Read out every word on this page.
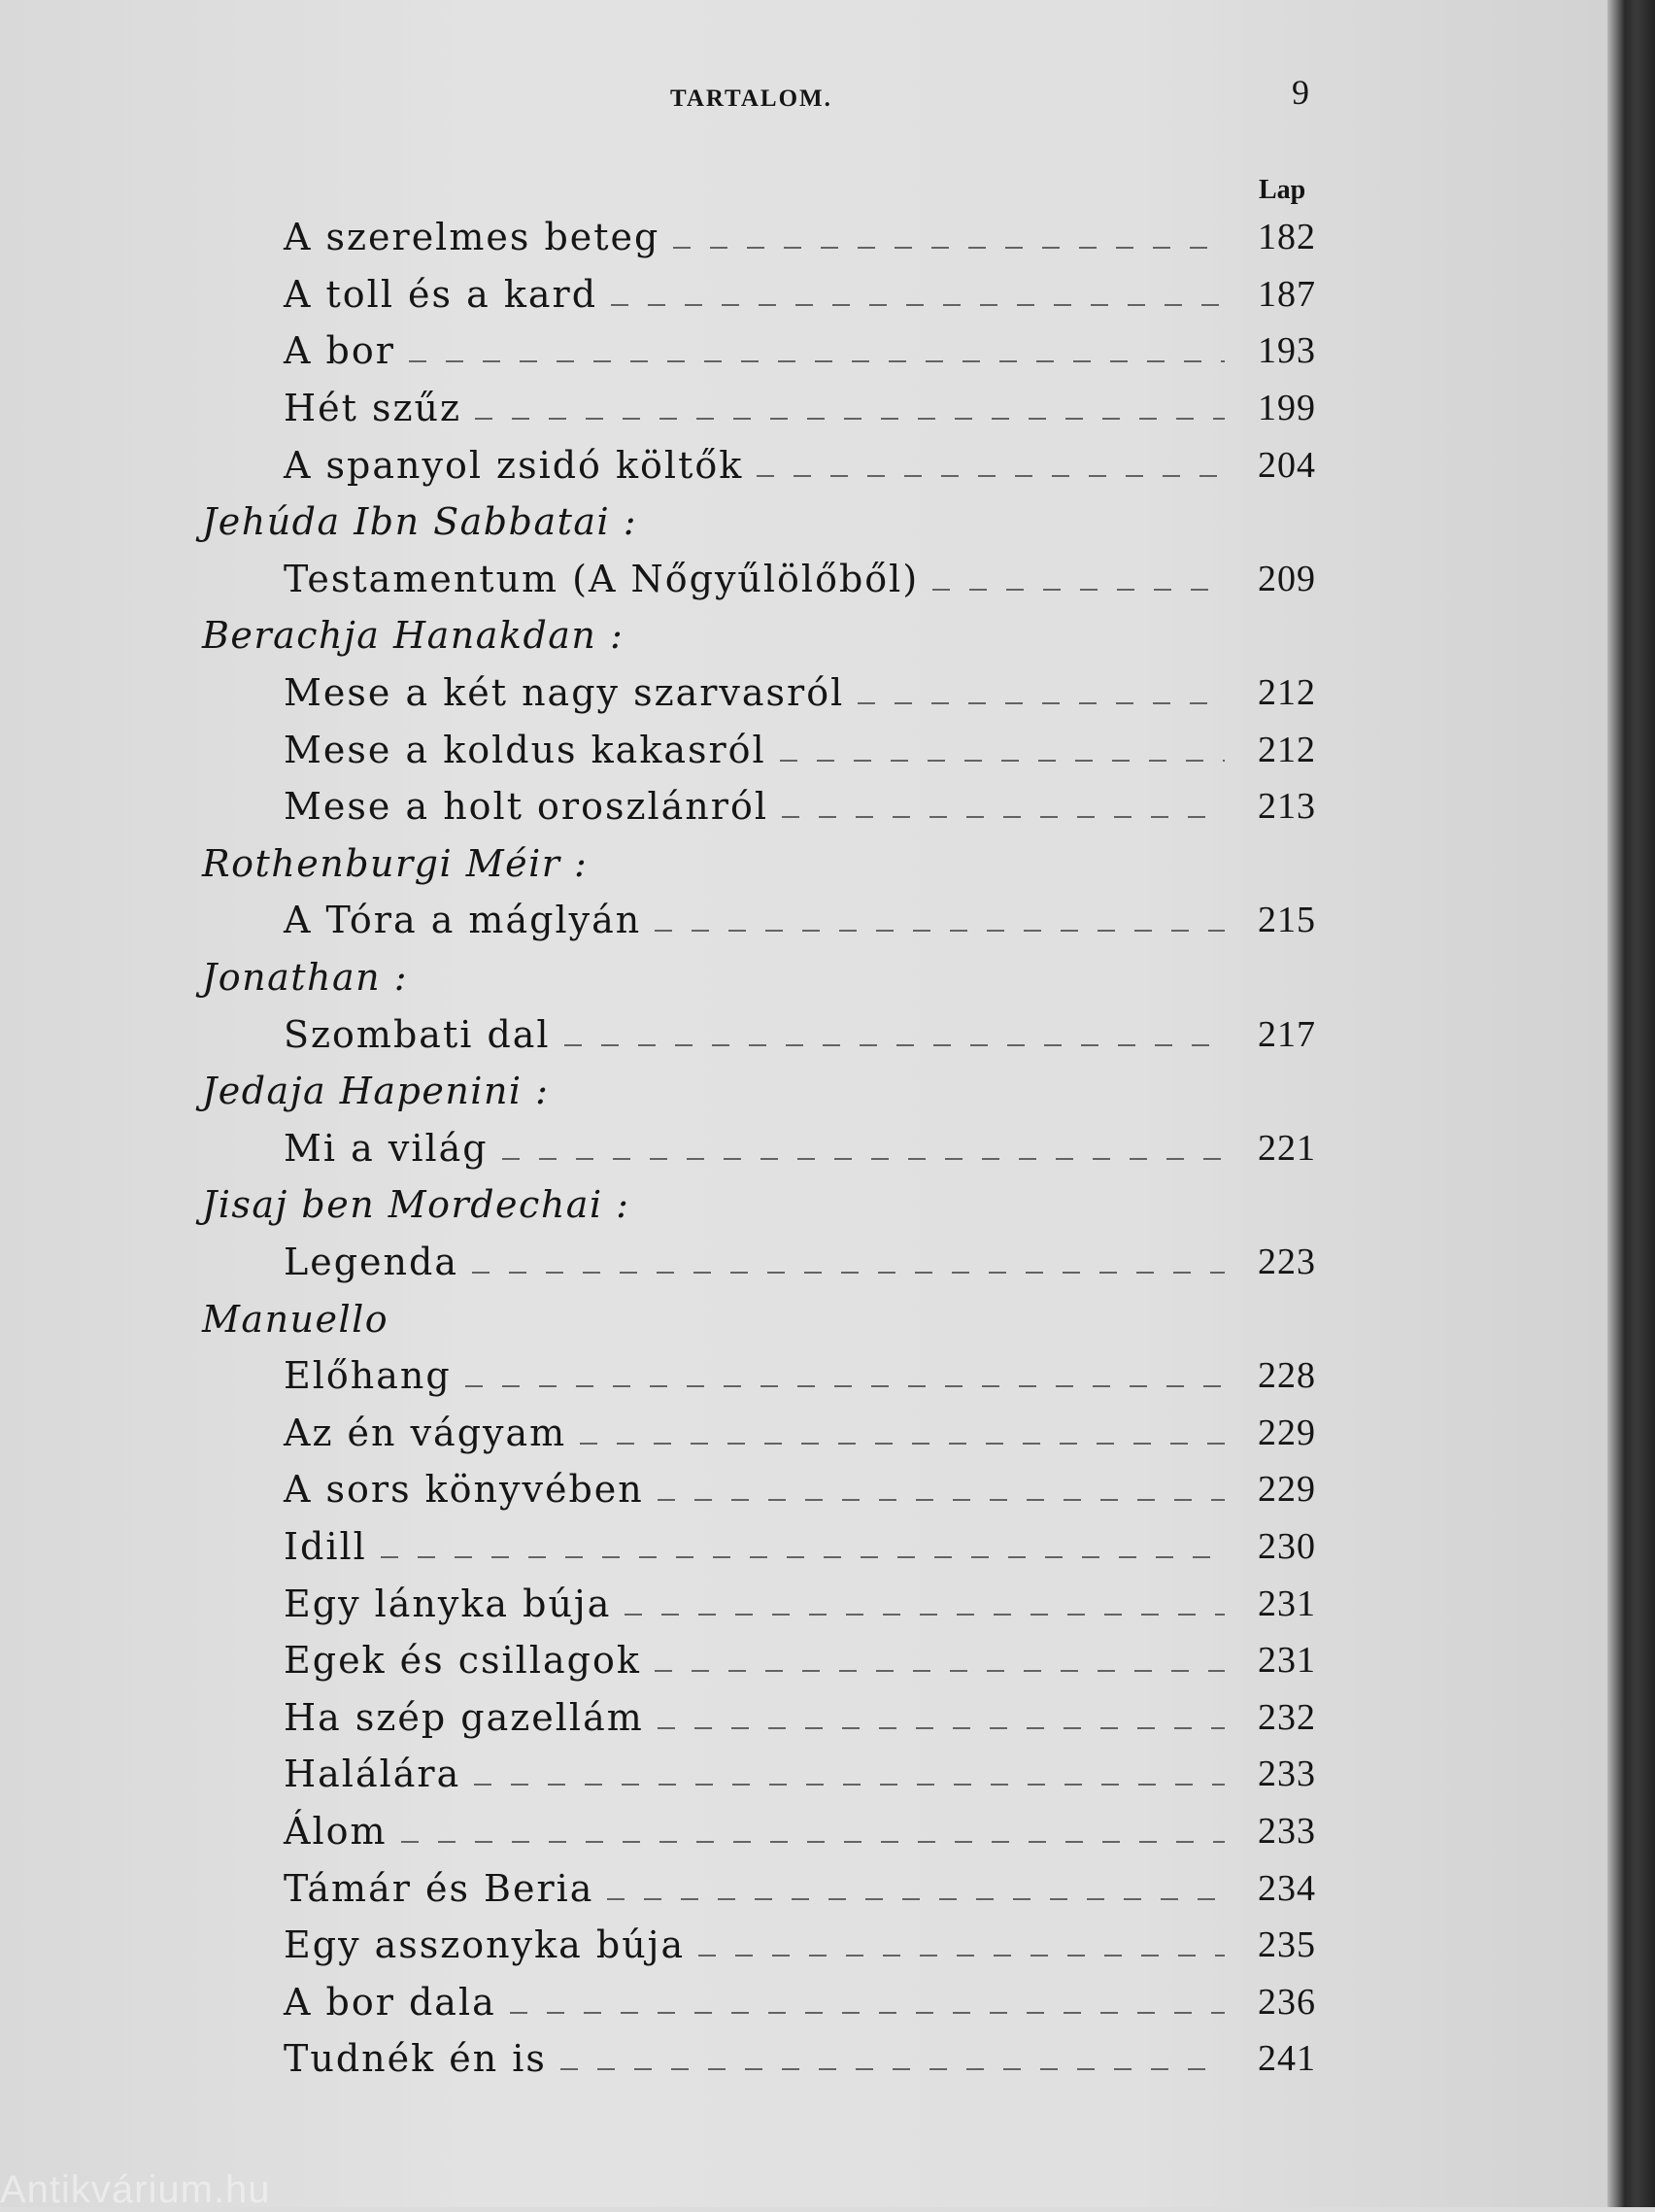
TARTALOM.	9
Lap
A szerelmes beteg	182
A toll és a kard	187
A bor	193
Hét szűz	199
A spanyol zsidó költők	204
Jehúda Ibn Sabbatai :
Testamentum (A Nőgyűlölőből)	209
Berachja Hanakdan :
Mese a két nagy szarvasról	212
Mese a koldus kakasról	212
Mese a holt oroszlánról	213
Rothenburgi Méir :
A Tóra a máglyán	215
Jonathan :
Szombati dal	217
Jedaja Hapenini :
Mi a világ	221
Jisaj ben Mordechai :
Legenda	223
Manuello
Előhang	228
Az én vágyam	229
A sors könyvében	229
Idill	230
Egy lányka búja	231
Egek és csillagok	231
Ha szép gazellám	232
Halálára	233
Álom	233
Támár és Beria	234
Egy asszonyka búja	235
A bor dala	236
Tudnék én is	241
Antikvárium.hu
